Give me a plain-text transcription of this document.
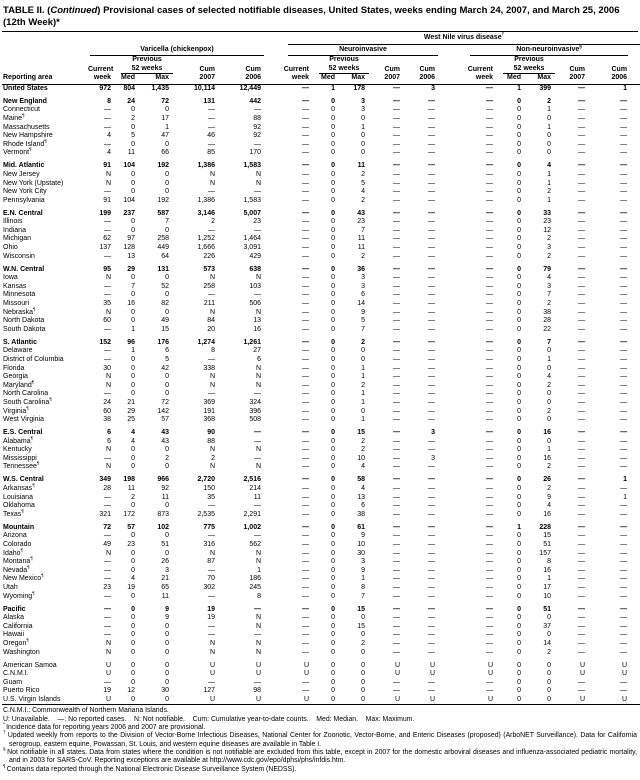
TABLE II. (Continued) Provisional cases of selected notifiable diseases, United States, weeks ending March 24, 2007, and March 25, 2006 (12th Week)*

						West Nile virus disease†

	Varicella (chickenpox)					Neuroinvasive					Non-neuroinvasive§

	Current	
Previous
52 weeks	Cum	Cum	Current	
Previous
52 weeks	Cum	Cum	Current	
Previous
52 weeks	Cum	Cum
Reporting area	week	Med	Max	2007	2006	week	Med	Max	2007	2006	week	Med	Max	2007	2006
United States	972	804	1,435	10,114	12,449	—	1	178	—	3	—	1	399	—	1

New England	8	24	72	131	442	—	0	3	—	—	—	0	2	—	—
Connecticut	—	0	0	—	—	—	0	3	—	—	—	0	1	—	—
Maine¶	—	2	17	—	88	—	0	0	—	—	—	0	0	—	—
Massachusetts	—	0	1	—	92	—	0	1	—	—	—	0	1	—	—
New Hampshire	4	5	47	46	92	—	0	0	—	—	—	0	0	—	—
Rhode Island¶	—	0	0	—	—	—	0	0	—	—	—	0	0	—	—
Vermont¶	4	11	66	85	170	—	0	0	—	—	—	0	0	—	—

Mid. Atlantic	91	104	192	1,386	1,583	—	0	11	—	—	—	0	4	—	—
New Jersey	N	0	0	N	N	—	0	2	—	—	—	0	1	—	—
New York (Upstate)	N	0	0	N	N	—	0	5	—	—	—	0	1	—	—
New York City	—	0	0	—	—	—	0	4	—	—	—	0	2	—	—
Pennsylvania	91	104	192	1,386	1,583	—	0	2	—	—	—	0	1	—	—

E.N. Central	199	237	587	3,146	5,007	—	0	43	—	—	—	0	33	—	—
Illinois	—	0	7	2	23	—	0	23	—	—	—	0	23	—	—
Indiana	—	0	0	—	—	—	0	7	—	—	—	0	12	—	—
Michigan	62	97	258	1,252	1,464	—	0	11	—	—	—	0	2	—	—
Ohio	137	128	449	1,666	3,091	—	0	11	—	—	—	0	3	—	—
Wisconsin	—	13	64	226	429	—	0	2	—	—	—	0	2	—	—

W.N. Central	95	29	131	573	638	—	0	36	—	—	—	0	79	—	—
Iowa	N	0	0	N	N	—	0	3	—	—	—	0	4	—	—
Kansas	—	7	52	258	103	—	0	3	—	—	—	0	3	—	—
Minnesota	—	0	0	—	—	—	0	6	—	—	—	0	7	—	—
Missouri	35	16	82	211	506	—	0	14	—	—	—	0	2	—	—
Nebraska¶	N	0	0	N	N	—	0	9	—	—	—	0	38	—	—
North Dakota	60	0	49	84	13	—	0	5	—	—	—	0	28	—	—
South Dakota	—	1	15	20	16	—	0	7	—	—	—	0	22	—	—

S. Atlantic	152	96	176	1,274	1,261	—	0	2	—	—	—	0	7	—	—
Delaware	—	1	6	8	27	—	0	0	—	—	—	0	0	—	—
District of Columbia	—	0	5	—	6	—	0	0	—	—	—	0	1	—	—
Florida	30	0	42	338	N	—	0	1	—	—	—	0	0	—	—
Georgia	N	0	0	N	N	—	0	1	—	—	—	0	4	—	—
Maryland¶	N	0	0	N	N	—	0	2	—	—	—	0	2	—	—
North Carolina	—	0	0	—	—	—	0	1	—	—	—	0	0	—	—
South Carolina¶	24	21	72	369	324	—	0	1	—	—	—	0	0	—	—
Virginia¶	60	29	142	191	396	—	0	0	—	—	—	0	2	—	—
West Virginia	38	25	57	368	508	—	0	1	—	—	—	0	0	—	—

E.S. Central	6	4	43	90	—	—	0	15	—	3	—	0	16	—	—
Alabama¶	6	4	43	88	—	—	0	2	—	—	—	0	0	—	—
Kentucky	N	0	0	N	N	—	0	2	—	—	—	0	1	—	—
Mississippi	—	0	2	2	—	—	0	10	—	3	—	0	16	—	—
Tennessee¶	N	0	0	N	N	—	0	4	—	—	—	0	2	—	—

W.S. Central	349	198	966	2,720	2,516	—	0	58	—	—	—	0	26	—	1
Arkansas¶	28	11	92	150	214	—	0	4	—	—	—	0	2	—	—
Louisiana	—	2	11	35	11	—	0	13	—	—	—	0	9	—	1
Oklahoma	—	0	0	—	—	—	0	6	—	—	—	0	4	—	—
Texas¶	321	172	873	2,535	2,291	—	0	38	—	—	—	0	16	—	—

Mountain	72	57	102	775	1,002	—	0	61	—	—	—	1	228	—	—
Arizona	—	0	0	—	—	—	0	9	—	—	—	0	15	—	—
Colorado	49	23	51	316	562	—	0	10	—	—	—	0	51	—	—
Idaho¶	N	0	0	N	N	—	0	30	—	—	—	0	157	—	—
Montana¶	—	0	26	87	N	—	0	3	—	—	—	0	8	—	—
Nevada¶	—	0	3	—	1	—	0	9	—	—	—	0	16	—	—
New Mexico¶	—	4	21	70	186	—	0	1	—	—	—	0	1	—	—
Utah	23	19	65	302	245	—	0	8	—	—	—	0	17	—	—
Wyoming¶	—	0	11	—	8	—	0	7	—	—	—	0	10	—	—

Pacific	—	0	9	19	—	—	0	15	—	—	—	0	51	—	—
Alaska	—	0	9	19	N	—	0	0	—	—	—	0	0	—	—
California	—	0	0	—	N	—	0	15	—	—	—	0	37	—	—
Hawaii	—	0	0	—	—	—	0	0	—	—	—	0	0	—	—
Oregon¶	N	0	0	N	N	—	0	2	—	—	—	0	14	—	—
Washington	N	0	0	N	N	—	0	0	—	—	—	0	2	—	—

American Samoa	U	0	0	U	U	U	0	0	U	U	U	0	0	U	U
C.N.M.I.	U	0	0	U	U	U	0	0	U	U	U	0	0	U	U
Guam	—	0	0	—	—	—	0	0	—	—	—	0	0	—	—
Puerto Rico	19	12	30	127	98	—	0	0	—	—	—	0	0	—	—
U.S. Virgin Islands	U	0	0	U	U	U	0	0	U	U	U	0	0	U	U
C.N.M.I.: Commonwealth of Northern Mariana Islands.
U: Unavailable.    —: No reported cases.    N: Not notifiable.    Cum: Cumulative year-to-date counts.    Med: Median.    Max: Maximum.
* Incidence data for reporting years 2006 and 2007 are provisional.
† Updated weekly from reports to the Division of Vector-Borne Infectious Diseases, National Center for Zoonotic, Vector-Borne, and Enteric Diseases (proposed) (ArboNET Surveillance). Data for California serogroup, eastern equine, Powassan, St. Louis, and western equine diseases are available in Table I.
§ Not notifiable in all states. Data from states where the condition is not notifiable are excluded from this table, except in 2007 for the domestic arboviral diseases and influenza-associated pediatric mortality, and in 2003 for SARS-CoV. Reporting exceptions are available at http://www.cdc.gov/epo/dphsi/phs/infdis.htm.
¶ Contains data reported through the National Electronic Disease Surveillance System (NEDSS).
